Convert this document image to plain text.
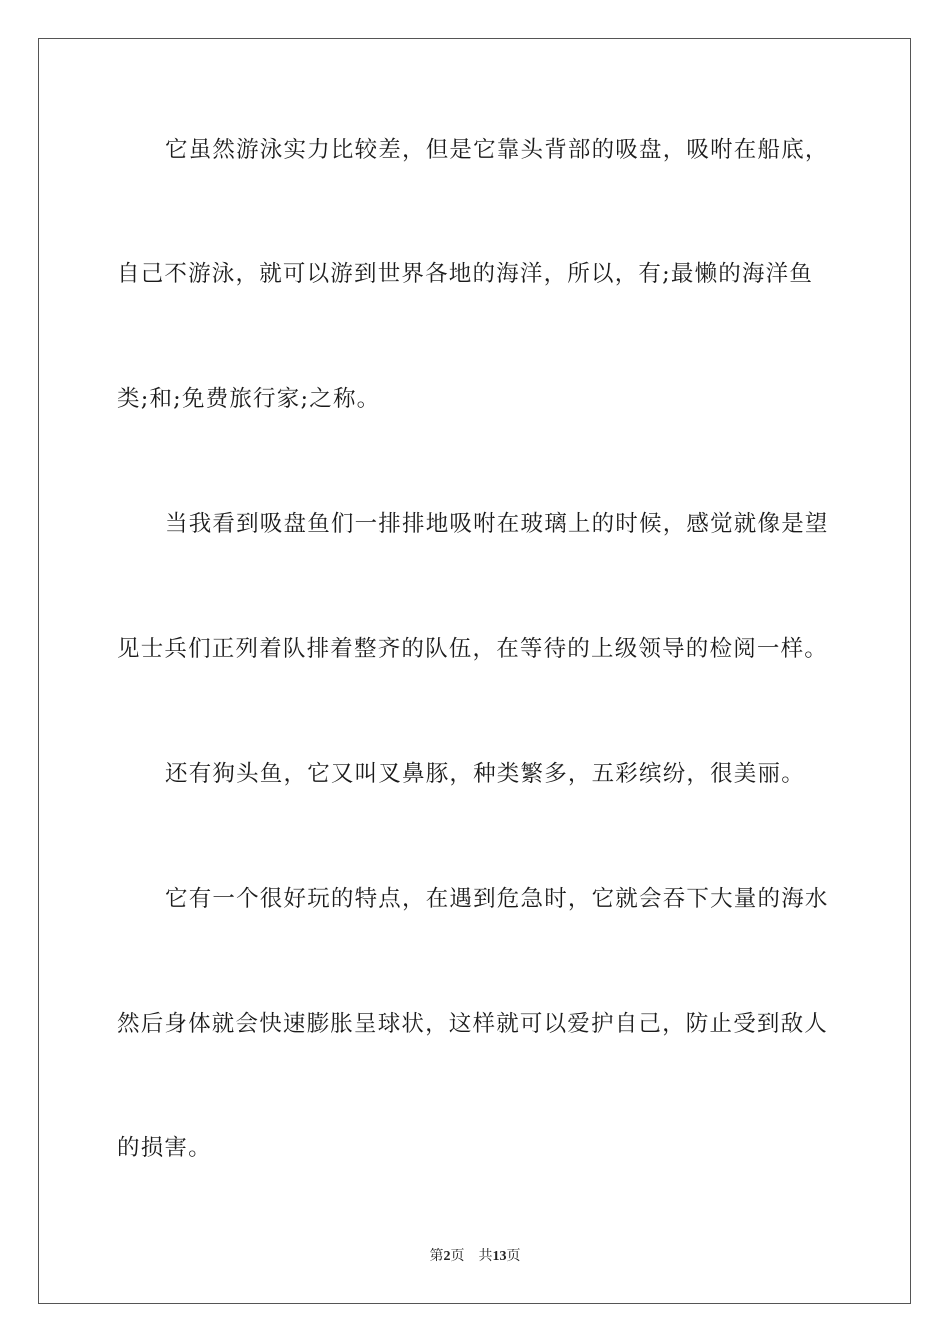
它虽然游泳实力比较差，但是它靠头背部的吸盘，吸咐在船底，
自己不游泳，就可以游到世界各地的海洋，所以，有;最懒的海洋鱼
类;和;免费旅行家;之称。
当我看到吸盘鱼们一排排地吸咐在玻璃上的时候，感觉就像是望
见士兵们正列着队排着整齐的队伍，在等待的上级领导的检阅一样。
还有狗头鱼，它又叫叉鼻豚，种类繁多，五彩缤纷，很美丽。
它有一个很好玩的特点，在遇到危急时，它就会吞下大量的海水
然后身体就会快速膨胀呈球状，这样就可以爱护自己，防止受到敌人
的损害。
第2页 共13页
